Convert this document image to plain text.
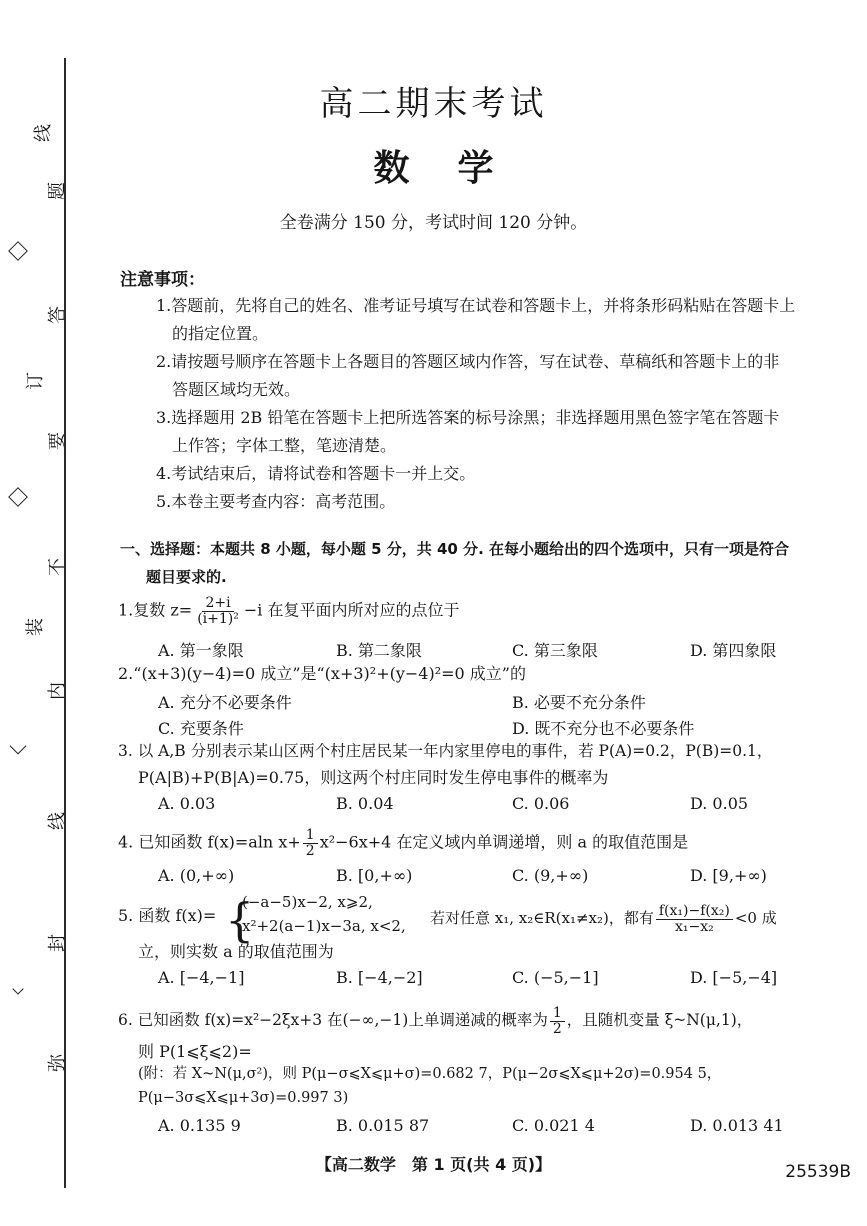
线
题
答
订
要
不
装
内
线
封
弥
高二期末考试
数学
全卷满分 150 分，考试时间 120 分钟。
注意事项：
1.答题前，先将自己的姓名、准考证号填写在试卷和答题卡上，并将条形码粘贴在答题卡上
的指定位置。
2.请按题号顺序在答题卡上各题目的答题区域内作答，写在试卷、草稿纸和答题卡上的非
答题区域均无效。
3.选择题用 2B 铅笔在答题卡上把所选答案的标号涂黑；非选择题用黑色签字笔在答题卡
上作答；字体工整，笔迹清楚。
4.考试结束后，请将试卷和答题卡一并上交。
5.本卷主要考查内容：高考范围。
一、选择题：本题共 8 小题，每小题 5 分，共 40 分. 在每小题给出的四个选项中，只有一项是符合
题目要求的.
1.复数 $z= \frac{2+i}{\text{(i+1)²}} -i$ 在复平面内所对应的点位于
A. 第一象限	B. 第二象限	C. 第三象限	D. 第四象限
2.“(x+3)(y−4)=0 成立”是“(x+3)²+(y−4)²=0 成立”的
A. 充分不必要条件	B. 必要不充分条件
C. 充要条件	D. 既不充分也不必要条件
3. 以 A,B 分别表示某山区两个村庄居民某一年内家里停电的事件，若 P(A)=0.2，P(B)=0.1，
P(A|B)+P(B|A)=0.75，则这两个村庄同时发生停电事件的概率为
A. 0.03	B. 0.04	C. 0.06	D. 0.05
4. 已知函数 f(x)=aln $x+ \frac{1}{2} x^2-6x+4$ 在定义域内单调递增，则 a 的取值范围是
A. (0,+∞)	B. [0,+∞)	C. (9,+∞)	D. [9,+∞)
5. 函数 f(x)= {
(−a−5)x−2, x⩾2,
x²+2(a−1)x−3a, x<2, 若对任意 x₁, x₂∈R(x₁≠x₂)，都有 $\frac{\text{f(x₁)−f(x₂)}}{\text{x₁−x₂}} <0$ 成
立，则实数 a 的取值范围为
A. [−4,−1]	B. [−4,−2]	C. (−5,−1]	D. [−5,−4]
6. 已知函数 f(x)=x²−2ξx+3 在(−∞,−1)上单调递减的概率为 $\frac{1}{2}$ ，且随机变量 ξ~N(μ,1)，
则 P(1⩽ξ⩽2)=
(附：若 X~N(μ,σ²)，则 P(μ−σ⩽X⩽μ+σ)=0.682 7，P(μ−2σ⩽X⩽μ+2σ)=0.954 5，
P(μ−3σ⩽X⩽μ+3σ)=0.997 3)
A. 0.135 9	B. 0.015 87	C. 0.021 4	D. 0.013 41
【高二数学　第 1 页(共 4 页)】	25539B
